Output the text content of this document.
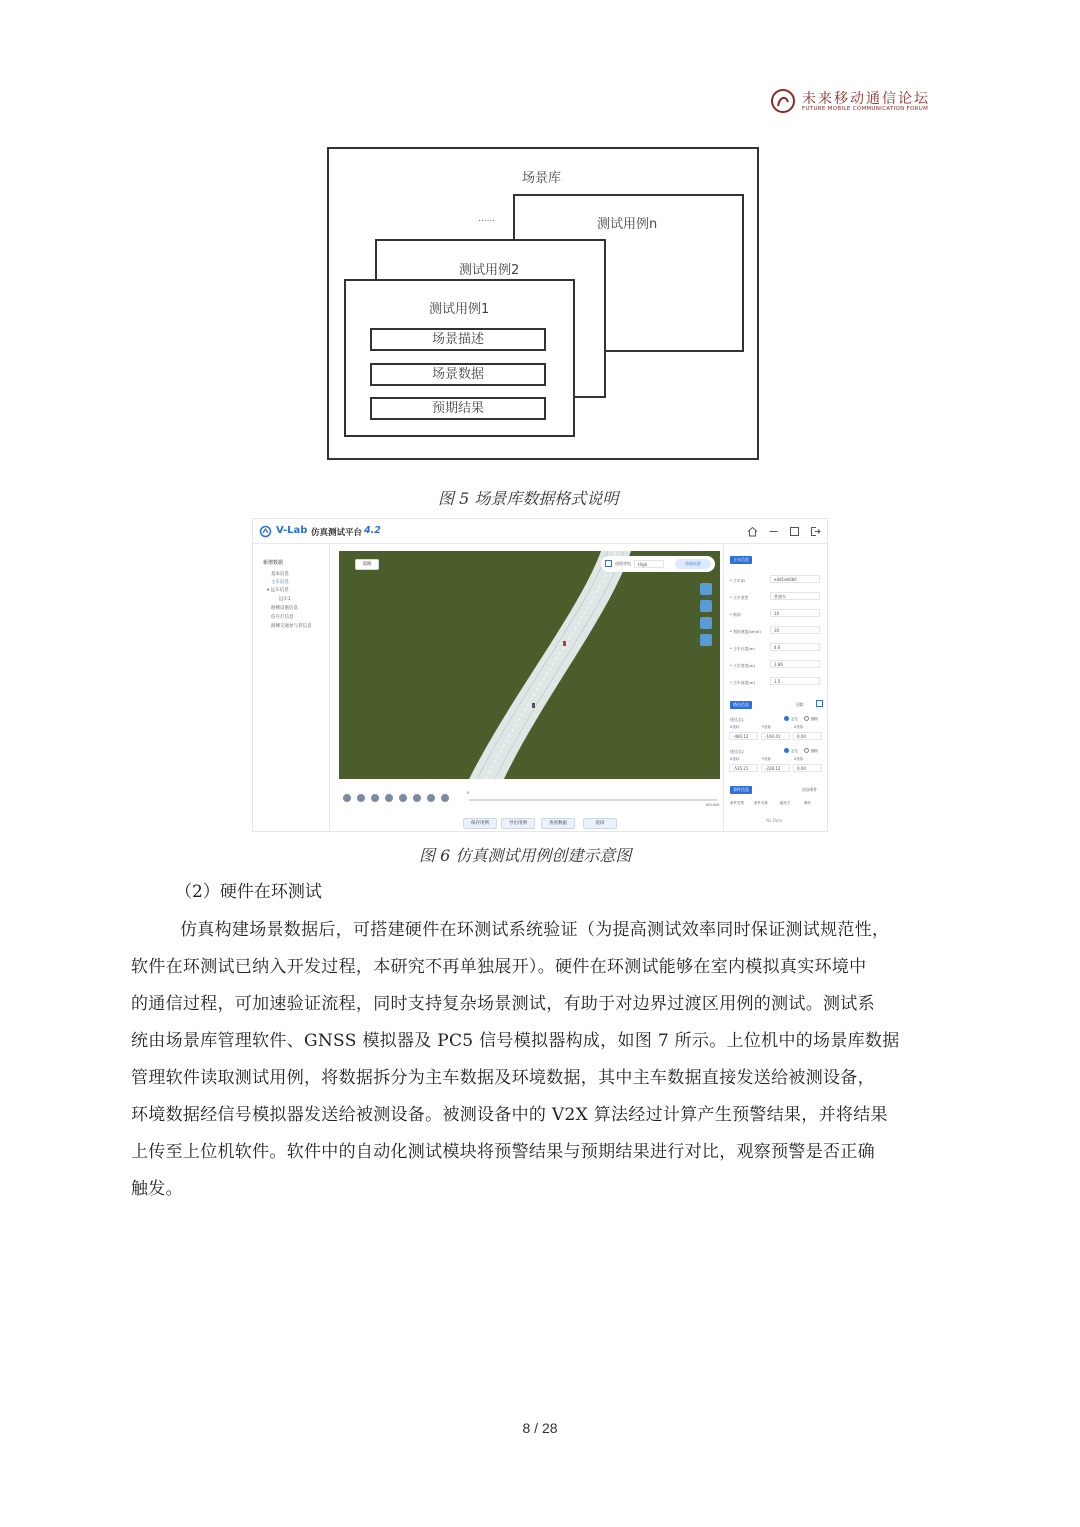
未来移动通信论坛
FUTURE MOBILE COMMUNICATION FORUM
场景库
......	测试用例n
测试用例2
测试用例1
场景描述
场景数据
预期结果
图 5 场景库数据格式说明
V-Lab 仿真测试平台 4.2
新增数据
基本信息
主车信息
▾ 远车信息
远车1
路侧设施信息
信号灯信息
路侧交通参与者信息
道路	道路等级	High	添加场景
0
100.000
保存用例	导出用例	查看数据	返回
主车信息
* 主车ID	e4d1eb6b0
* 主车类型	普通车
* 航向	10
* 初始速度(km/h)	30
* 主车长度(m)	4.6
* 主车宽度(m)	1.86
* 主车高度(m)	1.5
路径信息	清除
途径点1	定位	删除
X坐标	Y坐标	Z坐标
-480.12	-160.41	0.00
途径点2	定位	删除
X坐标	Y坐标	Z坐标
-535.21	-228.12	0.00
事件信息	添加事件
事件类型	事件名称	触发方	操作
No Data
图 6 仿真测试用例创建示意图
（2）硬件在环测试
仿真构建场景数据后，可搭建硬件在环测试系统验证（为提高测试效率同时保证测试规范性，
软件在环测试已纳入开发过程，本研究不再单独展开）。硬件在环测试能够在室内模拟真实环境中
的通信过程，可加速验证流程，同时支持复杂场景测试，有助于对边界过渡区用例的测试。测试系
统由场景库管理软件、GNSS 模拟器及 PC5 信号模拟器构成，如图 7 所示。上位机中的场景库数据
管理软件读取测试用例，将数据拆分为主车数据及环境数据，其中主车数据直接发送给被测设备，
环境数据经信号模拟器发送给被测设备。被测设备中的 V2X 算法经过计算产生预警结果，并将结果
上传至上位机软件。软件中的自动化测试模块将预警结果与预期结果进行对比，观察预警是否正确
触发。
8 / 28
